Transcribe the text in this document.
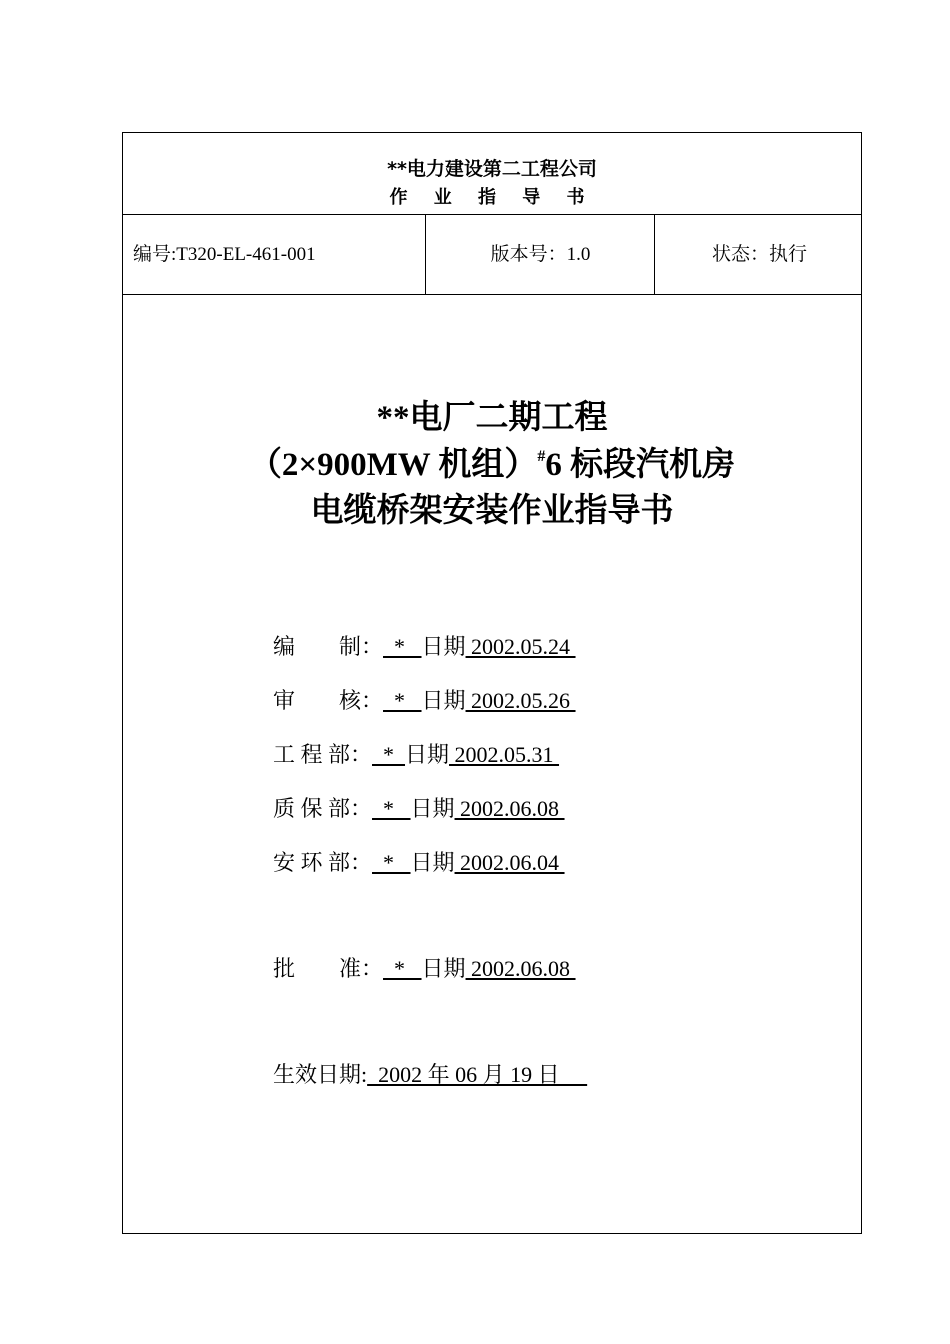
**电力建设第二工程公司
作 业 指 导 书
编号:T320-EL-461-001	版本号：1.0	状态：执行
**电厂二期工程
（2×900MW 机组）#6 标段汽机房
电缆桥架安装作业指导书
编　　制：  *   日期 2002.05.24
审　　核：  *   日期 2002.05.26
工 程 部：  *  日期 2002.05.31
质 保 部：  *   日期 2002.06.08
安 环 部：  *   日期 2002.06.04
批　　准：  *   日期 2002.06.08
生效日期:  2002 年 06 月 19 日
